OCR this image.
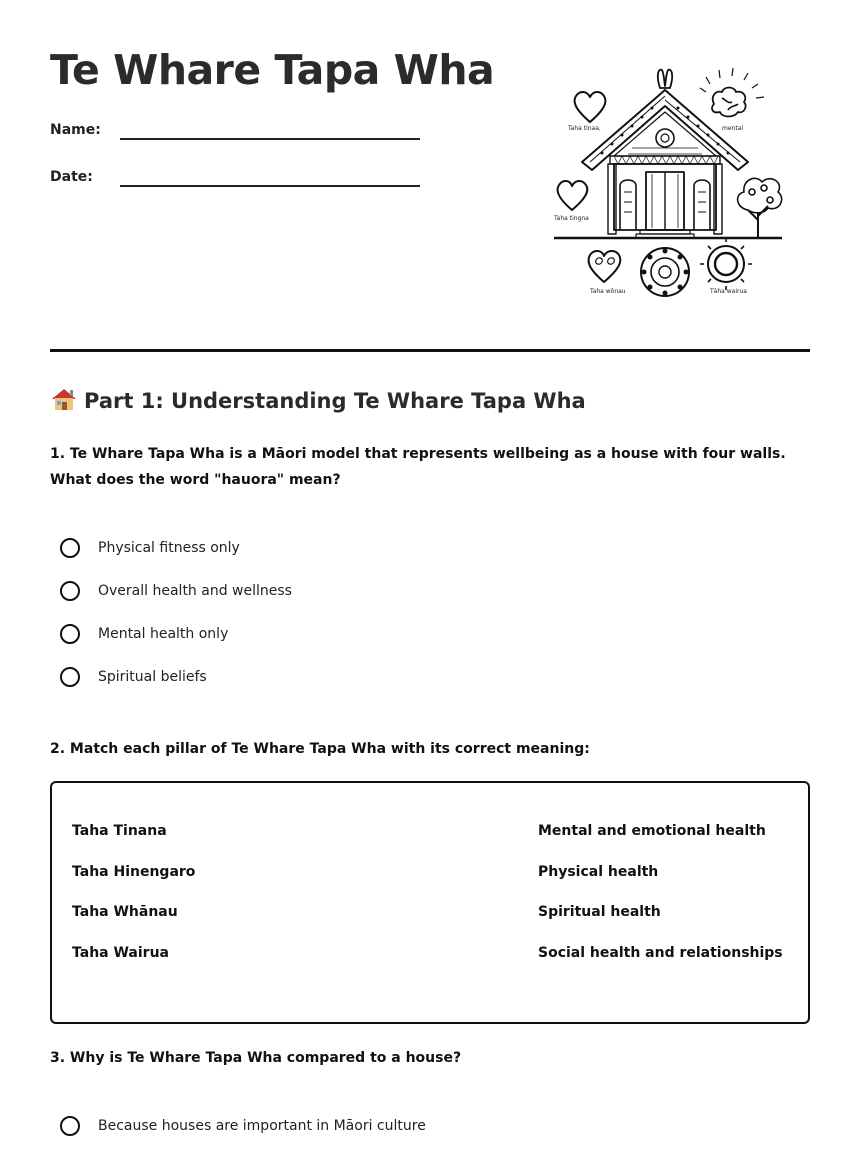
Te Whare Tapa Wha
Name:
Date:
Taha tinaa,	mental
Taha tingna
Taha wōnau	Tāha wairua
Part 1: Understanding Te Whare Tapa Wha

1. Te Whare Tapa Wha is a Māori model that represents wellbeing as a house with four walls. What does the word "hauora" mean?

Physical fitness only
Overall health and wellness
Mental health only
Spiritual beliefs

2. Match each pillar of Te Whare Tapa Wha with its correct meaning:

Taha Tinana
Taha Hinengaro
Taha Whānau
Taha Wairua
Mental and emotional health
Physical health
Spiritual health
Social health and relationships

3. Why is Te Whare Tapa Wha compared to a house?

Because houses are important in Māori culture
